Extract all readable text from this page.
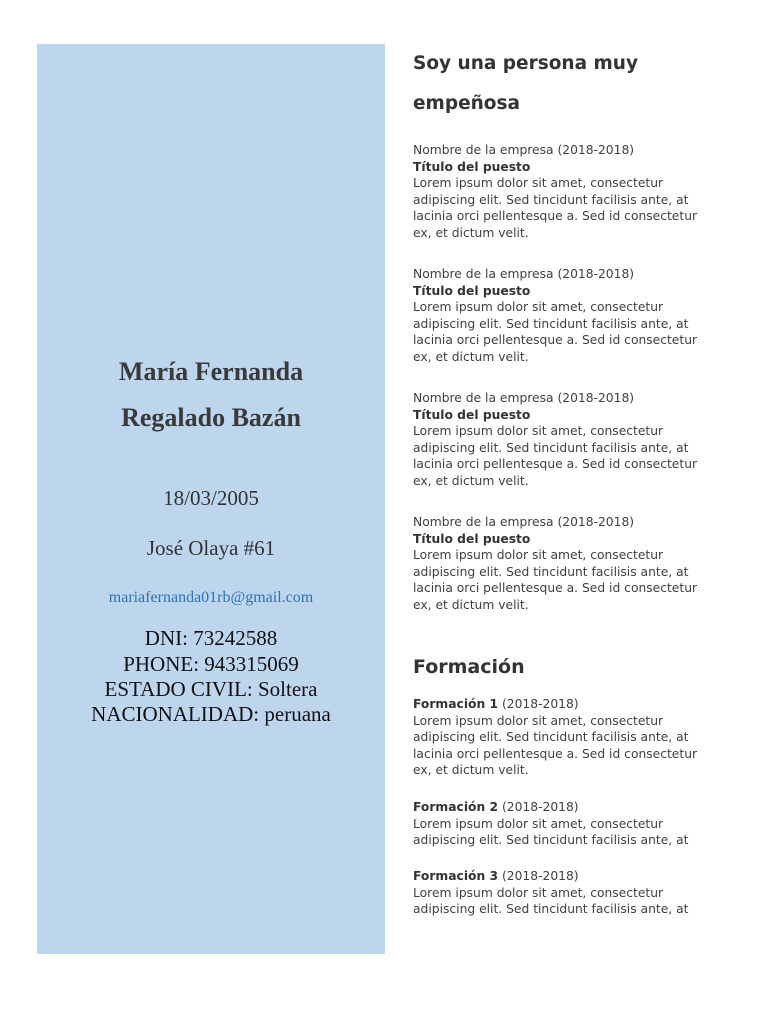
María Fernanda
Regalado Bazán
18/03/2005
José Olaya #61
mariafernanda01rb@gmail.com
DNI: 73242588
PHONE: 943315069
ESTADO CIVIL: Soltera
NACIONALIDAD: peruana
Soy una persona muy
empeñosa
Nombre de la empresa (2018-2018)
Título del puesto
Lorem ipsum dolor sit amet, consectetur adipiscing elit. Sed tincidunt facilisis ante, at lacinia orci pellentesque a. Sed id consectetur ex, et dictum velit.
Nombre de la empresa (2018-2018)
Título del puesto
Lorem ipsum dolor sit amet, consectetur adipiscing elit. Sed tincidunt facilisis ante, at lacinia orci pellentesque a. Sed id consectetur ex, et dictum velit.
Nombre de la empresa (2018-2018)
Título del puesto
Lorem ipsum dolor sit amet, consectetur adipiscing elit. Sed tincidunt facilisis ante, at lacinia orci pellentesque a. Sed id consectetur ex, et dictum velit.
Nombre de la empresa (2018-2018)
Título del puesto
Lorem ipsum dolor sit amet, consectetur adipiscing elit. Sed tincidunt facilisis ante, at lacinia orci pellentesque a. Sed id consectetur ex, et dictum velit.
Formación
Formación 1 (2018-2018)
Lorem ipsum dolor sit amet, consectetur adipiscing elit. Sed tincidunt facilisis ante, at lacinia orci pellentesque a. Sed id consectetur ex, et dictum velit.
Formación 2 (2018-2018)
Lorem ipsum dolor sit amet, consectetur adipiscing elit. Sed tincidunt facilisis ante, at
Formación 3 (2018-2018)
Lorem ipsum dolor sit amet, consectetur adipiscing elit. Sed tincidunt facilisis ante, at
